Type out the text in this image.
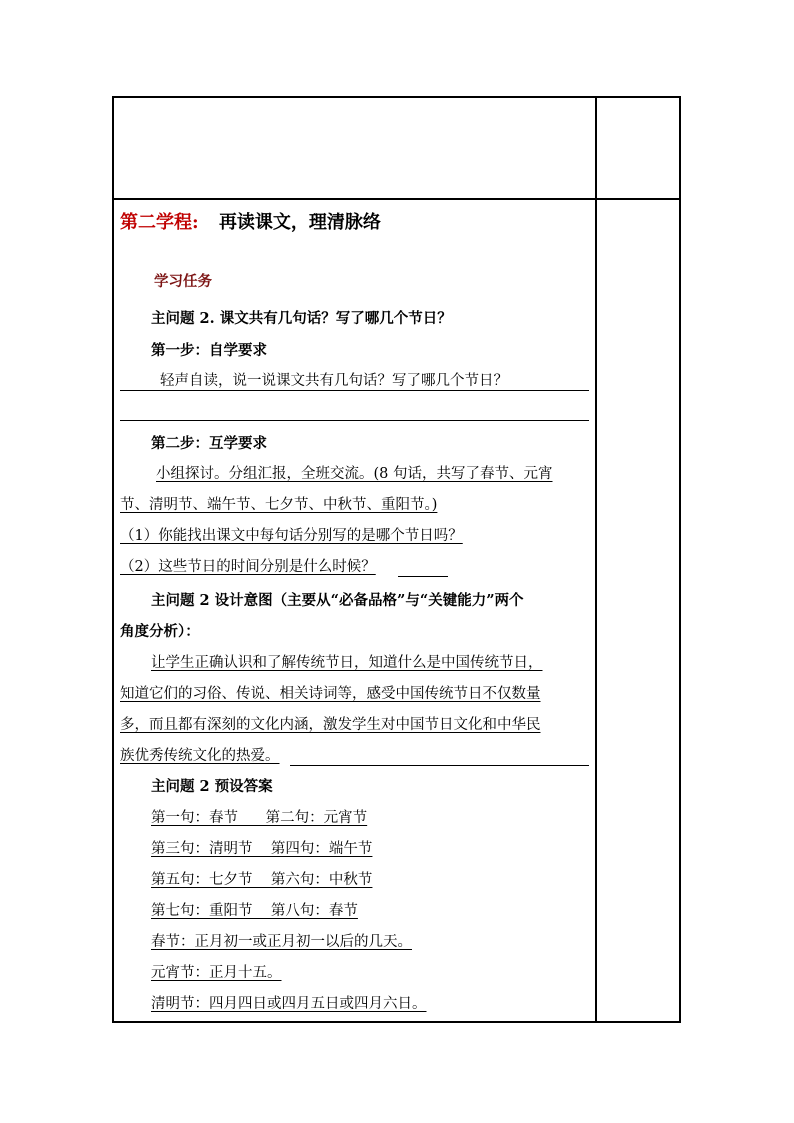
第二学程: 再读课文，理清脉络
学习任务
主问题 2. 课文共有几句话？写了哪几个节日？
第一步：自学要求
轻声自读，说一说课文共有几句话？写了哪几个节日？
第二步：互学要求
小组探讨。分组汇报，全班交流。(8 句话，共写了春节、元宵
节、清明节、端午节、七夕节、中秋节、重阳节。)
（1）你能找出课文中每句话分别写的是哪个节日吗？
（2）这些节日的时间分别是什么时候？
主问题 2 设计意图（主要从“必备品格”与“关键能力”两个
角度分析）：
让学生正确认识和了解传统节日，知道什么是中国传统节日，
知道它们的习俗、传说、相关诗词等，感受中国传统节日不仅数量
多，而且都有深刻的文化内涵，激发学生对中国节日文化和中华民
族优秀传统文化的热爱。
主问题 2 预设答案
第一句：春节      第二句：元宵节
第三句：清明节    第四句：端午节
第五句：七夕节    第六句：中秋节
第七句：重阳节    第八句：春节
春节：正月初一或正月初一以后的几天。
元宵节：正月十五。
清明节：四月四日或四月五日或四月六日。
